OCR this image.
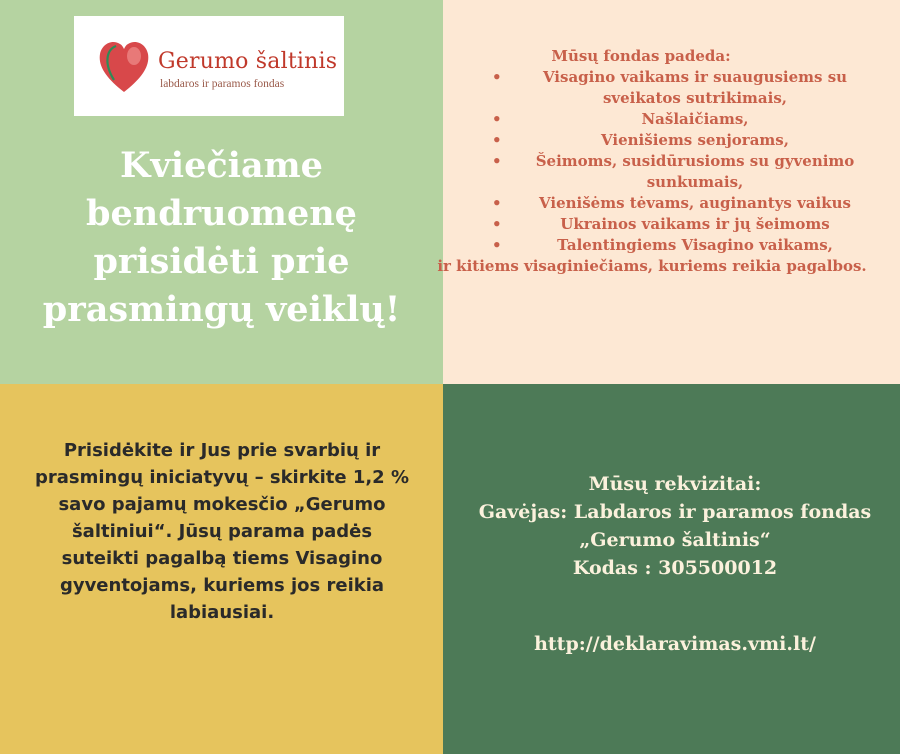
Gerumo šaltinis
labdaros ir paramos fondas
Kviečiame
bendruomenę
prisidėti prie
prasmingų veiklų!
Mūsų fondas padeda:
•	Visagino vaikams ir suaugusiems su sveikatos sutrikimais,
•	Našlaičiams,
•	Vienišiems senjorams,
• Šeimoms, susidūrusioms su gyvenimo sunkumais,
• Vienišėms tėvams, auginantys vaikus
•	Ukrainos vaikams ir jų šeimoms
•	Talentingiems Visagino vaikams,
ir kitiems visaginiečiams, kuriems reikia pagalbos.

Prisidėkite ir Jus prie svarbių ir prasmingų iniciatyvų – skirkite 1,2 % savo pajamų mokesčio „Gerumo šaltiniui“. Jūsų parama padės suteikti pagalbą tiems Visagino gyventojams, kuriems jos reikia labiausiai.

Mūsų rekvizitai:
Gavėjas: Labdaros ir paramos fondas „Gerumo šaltinis“
Kodas : 305500012
http://deklaravimas.vmi.lt/
